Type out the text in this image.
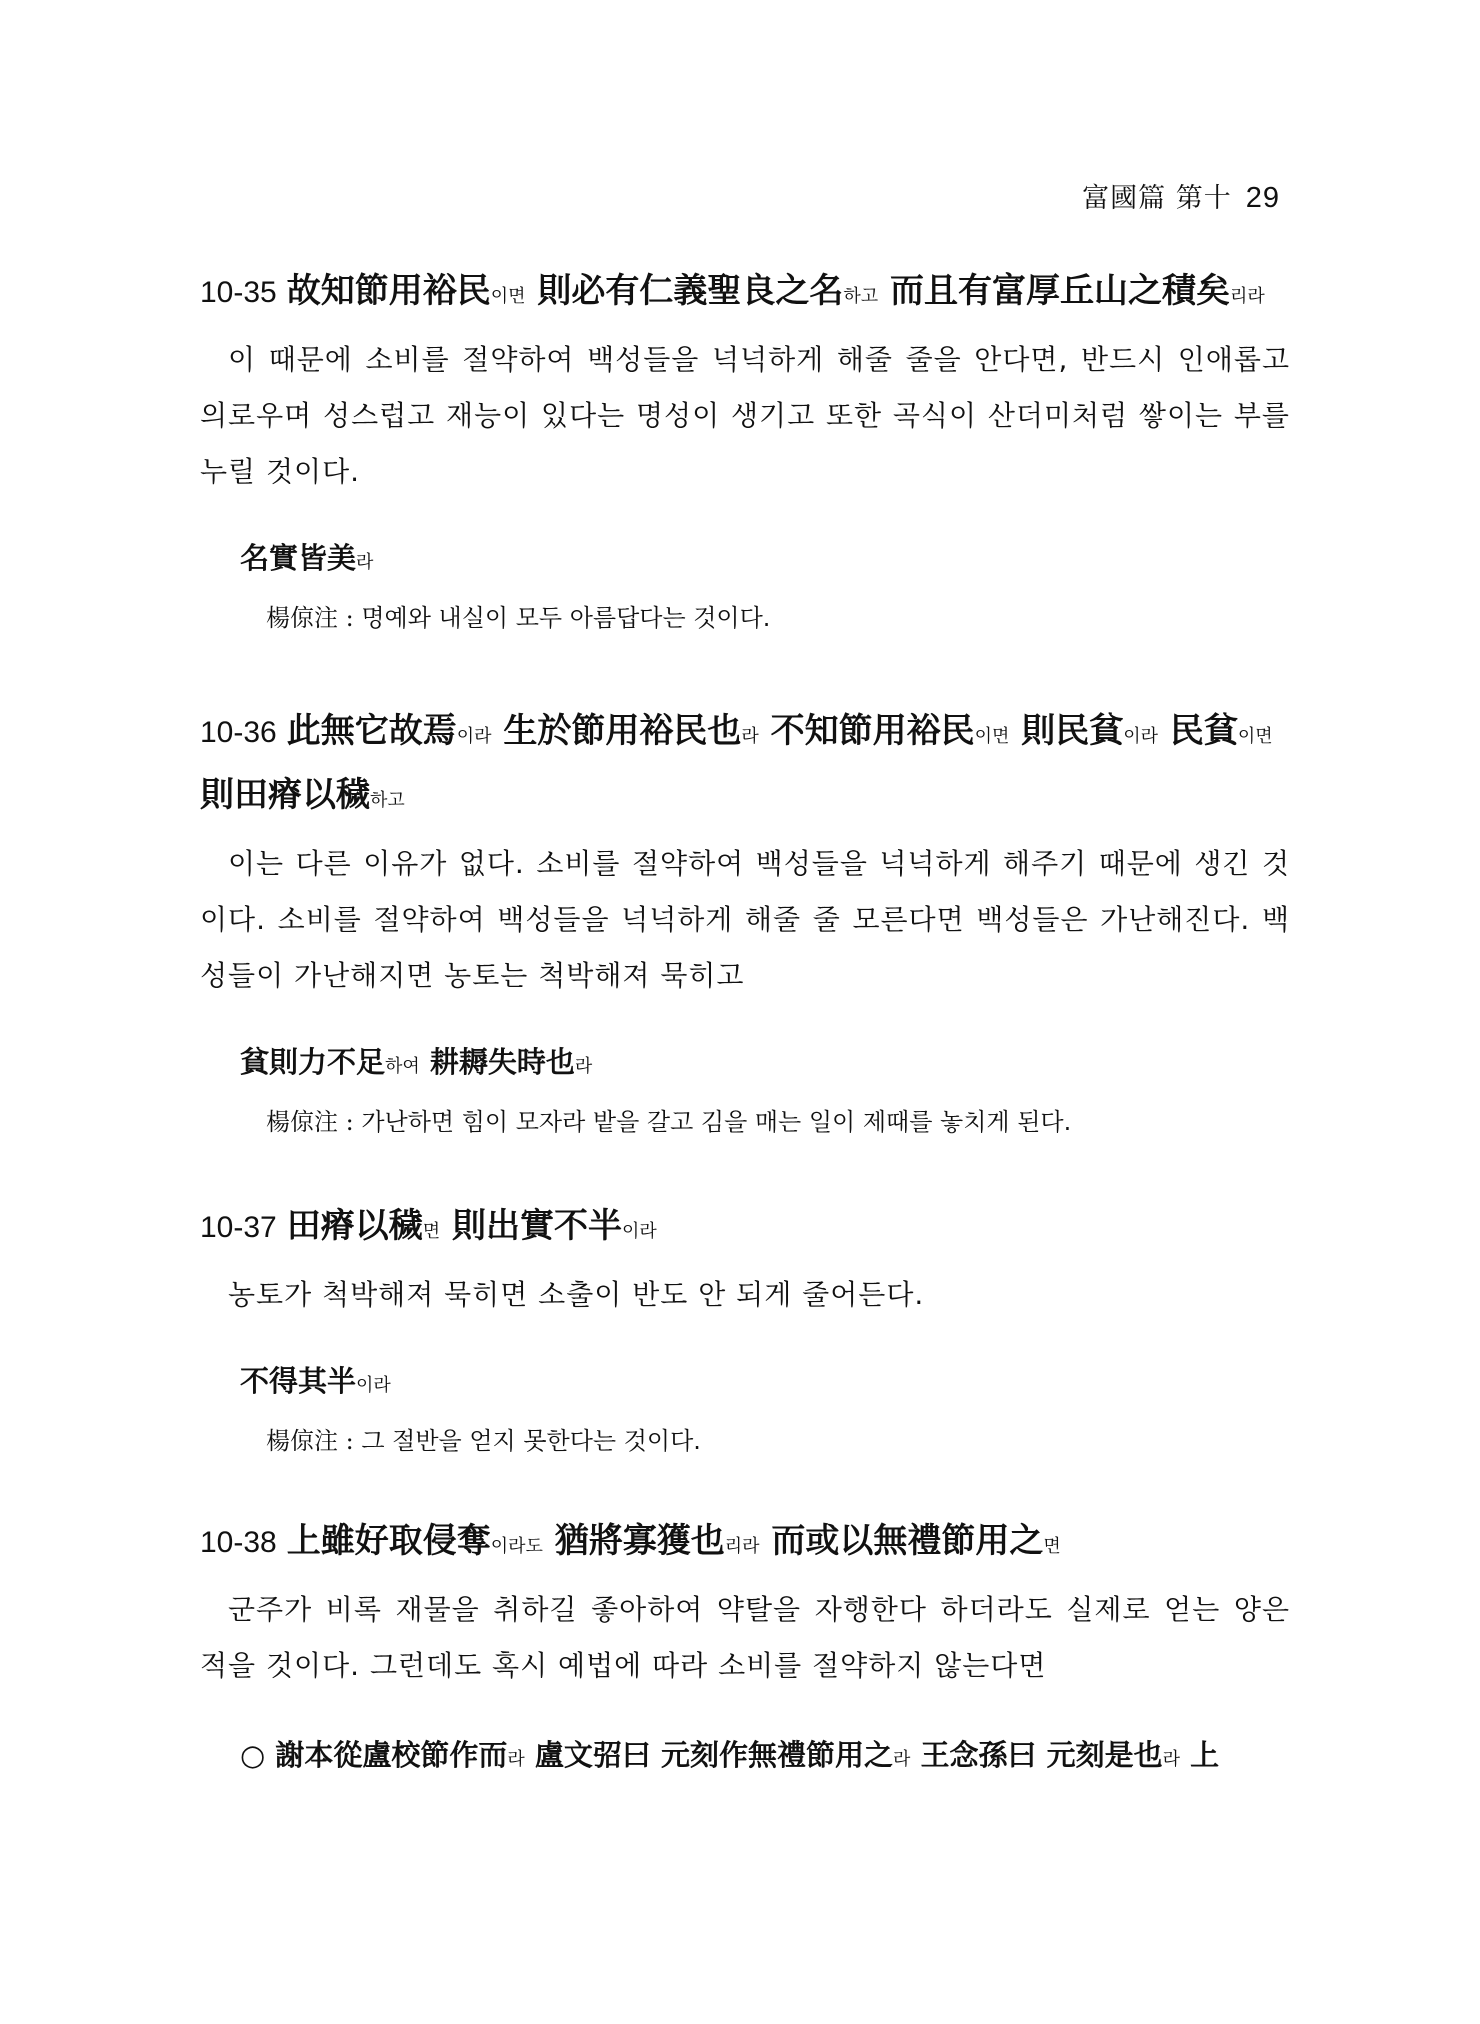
富國篇 第十 29
10-35 故知節用裕民이면 則必有仁義聖良之名하고 而且有富厚丘山之積矣리라
이 때문에 소비를 절약하여 백성들을 넉넉하게 해줄 줄을 안다면, 반드시 인애롭고 의로우며 성스럽고 재능이 있다는 명성이 생기고 또한 곡식이 산더미처럼 쌓이는 부를 누릴 것이다.
名實皆美라
楊倞注 : 명예와 내실이 모두 아름답다는 것이다.
10-36 此無它故焉이라 生於節用裕民也라 不知節用裕民이면 則民貧이라 民貧이면 則田瘠以穢하고
이는 다른 이유가 없다. 소비를 절약하여 백성들을 넉넉하게 해주기 때문에 생긴 것이다. 소비를 절약하여 백성들을 넉넉하게 해줄 줄 모른다면 백성들은 가난해진다. 백성들이 가난해지면 농토는 척박해져 묵히고
貧則力不足하여 耕耨失時也라
楊倞注 : 가난하면 힘이 모자라 밭을 갈고 김을 매는 일이 제때를 놓치게 된다.
10-37 田瘠以穢면 則出實不半이라
농토가 척박해져 묵히면 소출이 반도 안 되게 줄어든다.
不得其半이라
楊倞注 : 그 절반을 얻지 못한다는 것이다.
10-38 上雖好取侵奪이라도 猶將寡獲也리라 而或以無禮節用之면
군주가 비록 재물을 취하길 좋아하여 약탈을 자행한다 하더라도 실제로 얻는 양은 적을 것이다. 그런데도 혹시 예법에 따라 소비를 절약하지 않는다면
○ 謝本從盧校節作而라 盧文弨曰 元刻作無禮節用之라 王念孫曰 元刻是也라 上
